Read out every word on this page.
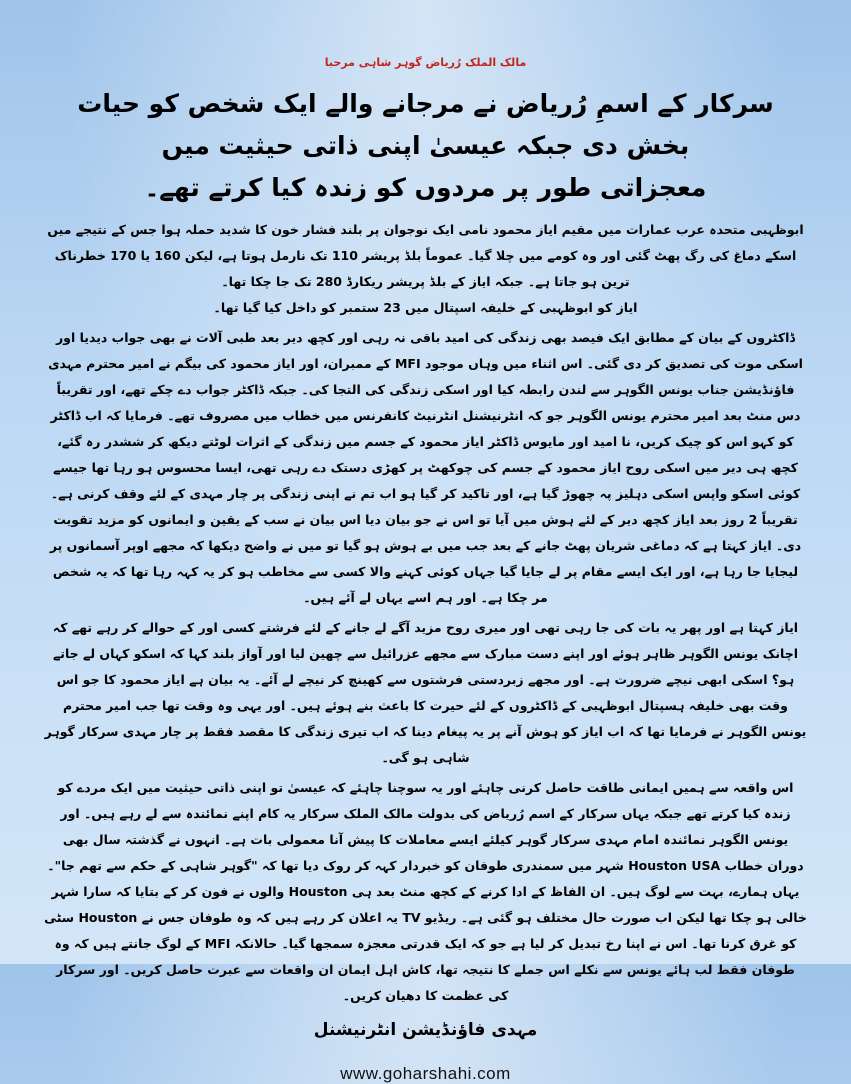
مالک الملک رُریاض گوہر شاہی مرحبا
سرکار کے اسمِ رُریاض نے مرجانے والے ایک شخص کو حیات بخش دی جبکہ عیسیٰ اپنی ذاتی حیثیت میں
معجزاتی طور پر مردوں کو زندہ کیا کرتے تھے۔

ابوظہبی متحدہ عرب عمارات میں مقیم ایاز محمود نامی ایک نوجوان پر بلند فشار خون کا شدید حملہ ہوا جس کے نتیجے میں اسکے دماغ کی رگ پھٹ گئی اور وہ کومے میں چلا گیا۔ عموماً بلڈ پریشر 110 تک نارمل ہوتا ہے، لیکن 160 یا 170 خطرناک ترین ہو جاتا ہے۔ جبکہ ایاز کے بلڈ پریشر ریکارڈ 280 تک جا چکا تھا۔

ایاز کو ابوظہبی کے خلیفہ اسپتال میں 23 ستمبر کو داخل کیا گیا تھا۔

ڈاکٹروں کے بیان کے مطابق ایک فیصد بھی زندگی کی امید باقی نہ رہی اور کچھ دیر بعد طبی آلات نے بھی جواب دیدیا اور اسکی موت کی تصدیق کر دی گئی۔ اس اثناء میں وہاں موجود MFI کے ممبران، اور ایاز محمود کی بیگم نے امیر محترم مہدی فاؤنڈیشن جناب یونس الگوہر سے لندن رابطہ کیا اور اسکی زندگی کی التجا کی۔ جبکہ ڈاکٹر جواب دے چکے تھے، اور تقریباً دس منٹ بعد امیر محترم یونس الگوہر جو کہ انٹرنیشنل انٹرنیٹ کانفرنس میں خطاب میں مصروف تھے۔ فرمایا کہ اب ڈاکٹر کو کہو اس کو چیک کریں، نا امید اور مایوس ڈاکٹر ایاز محمود کے جسم میں زندگی کے اثرات لوٹتے دیکھ کر ششدر رہ گئے، کچھ ہی دیر میں اسکی روح ایاز محمود کے جسم کی چوکھٹ پر کھڑی دستک دے رہی تھی، ایسا محسوس ہو رہا تھا جیسے کوئی اسکو واپس اسکی دہلیز پہ چھوڑ گیا ہے، اور تاکید کر گیا ہو اب تم نے اپنی زندگی پر چار مہدی کے لئے وقف کرنی ہے۔ تقریباً 2 روز بعد ایاز کچھ دیر کے لئے ہوش میں آیا تو اس نے جو بیان دیا اس بیان نے سب کے یقین و ایمانوں کو مزید تقویت دی۔ ایاز کہتا ہے کہ دماغی شریان پھٹ جانے کے بعد جب میں بے ہوش ہو گیا تو میں نے واضح دیکھا کہ مجھے اوپر آسمانوں پر لیجایا جا رہا ہے، اور ایک ایسے مقام پر لے جایا گیا جہاں کوئی کہنے والا کسی سے مخاطب ہو کر یہ کہہ رہا تھا کہ یہ شخص مر چکا ہے۔ اور ہم اسے یہاں لے آئے ہیں۔

ایاز کہتا ہے اور پھر یہ بات کی جا رہی تھی اور میری روح مزید آگے لے جانے کے لئے فرشتے کسی اور کے حوالے کر رہے تھے کہ اچانک یونس الگوہر ظاہر ہوئے اور اپنے دست مبارک سے مجھے عزرائیل سے چھین لیا اور آواز بلند کہا کہ اسکو کہاں لے جاتے ہو؟ اسکی ابھی نیچے ضرورت ہے۔ اور مجھے زبردستی فرشتوں سے کھینچ کر نیچے لے آئے۔ یہ بیان ہے ایاز محمود کا جو اس وقت بھی خلیفہ ہسپتال ابوظہبی کے ڈاکٹروں کے لئے حیرت کا باعث بنے ہوئے ہیں۔ اور یہی وہ وقت تھا جب امیر محترم یونس الگوہر نے فرمایا تھا کہ اب ایاز کو ہوش آنے پر یہ پیغام دینا کہ اب تیری زندگی کا مقصد فقط پر چار مہدی سرکار گوہر شاہی ہو گی۔

اس واقعہ سے ہمیں ایمانی طاقت حاصل کرنی چاہئے اور یہ سوچنا چاہئے کہ عیسیٰ تو اپنی ذاتی حیثیت میں ایک مردے کو زندہ کیا کرتے تھے جبکہ یہاں سرکار کے اسم رُریاض کی بدولت مالک الملک سرکار یہ کام اپنے نمائندہ سے لے رہے ہیں۔ اور یونس الگوہر نمائندہ امام مہدی سرکار گوہر کیلئے ایسے معاملات کا پیش آنا معمولی بات ہے۔ انہوں نے گذشتہ سال بھی دوران خطاب Houston USA شہر میں سمندری طوفان کو خبردار کہہ کر روک دیا تھا کہ "گوہر شاہی کے حکم سے تھم جا"۔ یہاں ہمارے، بہت سے لوگ ہیں۔ ان الفاظ کے ادا کرنے کے کچھ منٹ بعد ہی Houston والوں نے فون کر کے بتایا کہ سارا شہر خالی ہو چکا تھا لیکن اب صورت حال مختلف ہو گئی ہے۔ ریڈیو TV یہ اعلان کر رہے ہیں کہ وہ طوفان جس نے Houston سٹی کو غرق کرنا تھا۔ اس نے اپنا رخ تبدیل کر لیا ہے جو کہ ایک قدرتی معجزہ سمجھا گیا۔ حالانکہ MFI کے لوگ جانتے ہیں کہ وہ طوفان فقط لب ہائے یونس سے نکلے اس جملے کا نتیجہ تھا، کاش اہل ایمان ان واقعات سے عبرت حاصل کریں۔ اور سرکار کی عظمت کا دھیان کریں۔

مہدی فاؤنڈیشن انٹرنیشنل
www.goharshahi.com
